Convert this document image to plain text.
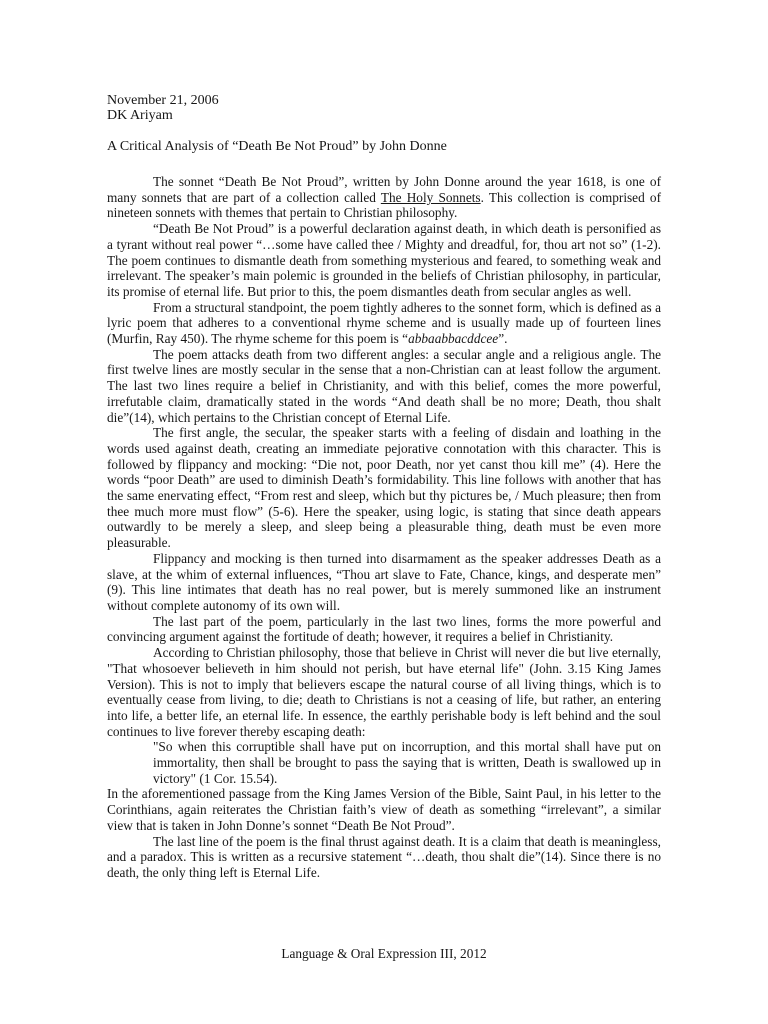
November 21, 2006
DK Ariyam
A Critical Analysis of “Death Be Not Proud” by John Donne

The sonnet “Death Be Not Proud”, written by John Donne around the year 1618, is one of many sonnets that are part of a collection called The Holy Sonnets. This collection is comprised of nineteen sonnets with themes that pertain to Christian philosophy.

“Death Be Not Proud” is a powerful declaration against death, in which death is personified as a tyrant without real power “…some have called thee / Mighty and dreadful, for, thou art not so” (1-2). The poem continues to dismantle death from something mysterious and feared, to something weak and irrelevant. The speaker’s main polemic is grounded in the beliefs of Christian philosophy, in particular, its promise of eternal life. But prior to this, the poem dismantles death from secular angles as well.

From a structural standpoint, the poem tightly adheres to the sonnet form, which is defined as a lyric poem that adheres to a conventional rhyme scheme and is usually made up of fourteen lines (Murfin, Ray 450). The rhyme scheme for this poem is “abbaabbacddcee”.

The poem attacks death from two different angles: a secular angle and a religious angle. The first twelve lines are mostly secular in the sense that a non-Christian can at least follow the argument. The last two lines require a belief in Christianity, and with this belief, comes the more powerful, irrefutable claim, dramatically stated in the words “And death shall be no more; Death, thou shalt die”(14), which pertains to the Christian concept of Eternal Life.

The first angle, the secular, the speaker starts with a feeling of disdain and loathing in the words used against death, creating an immediate pejorative connotation with this character. This is followed by flippancy and mocking: “Die not, poor Death, nor yet canst thou kill me” (4). Here the words “poor Death” are used to diminish Death’s formidability. This line follows with another that has the same enervating effect, “From rest and sleep, which but thy pictures be, / Much pleasure; then from thee much more must flow” (5-6). Here the speaker, using logic, is stating that since death appears outwardly to be merely a sleep, and sleep being a pleasurable thing, death must be even more pleasurable.

Flippancy and mocking is then turned into disarmament as the speaker addresses Death as a slave, at the whim of external influences, “Thou art slave to Fate, Chance, kings, and desperate men” (9). This line intimates that death has no real power, but is merely summoned like an instrument without complete autonomy of its own will.

The last part of the poem, particularly in the last two lines, forms the more powerful and convincing argument against the fortitude of death; however, it requires a belief in Christianity.

According to Christian philosophy, those that believe in Christ will never die but live eternally, "That whosoever believeth in him should not perish, but have eternal life" (John. 3.15 King James Version). This is not to imply that believers escape the natural course of all living things, which is to eventually cease from living, to die; death to Christians is not a ceasing of life, but rather, an entering into life, a better life, an eternal life. In essence, the earthly perishable body is left behind and the soul continues to live forever thereby escaping death:

"So when this corruptible shall have put on incorruption, and this mortal shall have put on immortality, then shall be brought to pass the saying that is written, Death is swallowed up in victory" (1 Cor. 15.54).

In the aforementioned passage from the King James Version of the Bible, Saint Paul, in his letter to the Corinthians, again reiterates the Christian faith’s view of death as something “irrelevant”, a similar view that is taken in John Donne’s sonnet “Death Be Not Proud”.

The last line of the poem is the final thrust against death. It is a claim that death is meaningless, and a paradox. This is written as a recursive statement “…death, thou shalt die”(14). Since there is no death, the only thing left is Eternal Life.

Language & Oral Expression III, 2012
